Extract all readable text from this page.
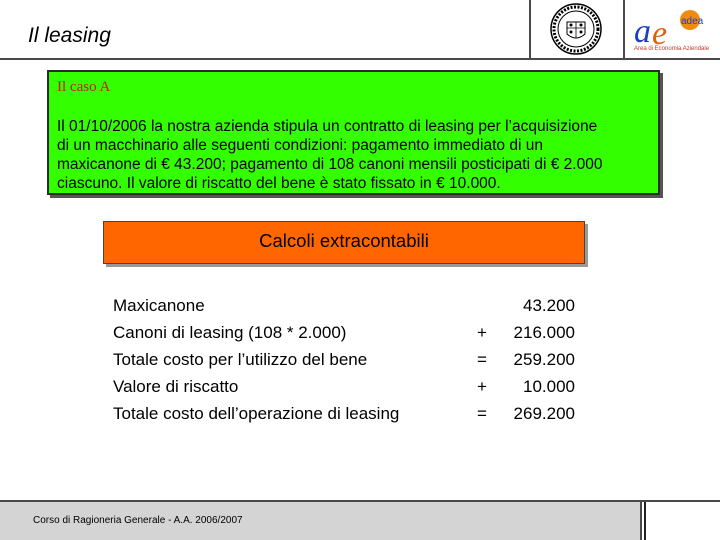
Il leasing	a e adea
Area di Economia Aziendale
Il caso A
Il 01/10/2006 la nostra azienda stipula un contratto di leasing per l’acquisizione
di un macchinario alle seguenti condizioni: pagamento immediato di un
maxicanone di € 43.200; pagamento di 108 canoni mensili posticipati di € 2.000
ciascuno. Il valore di riscatto del bene è stato fissato in € 10.000.
Calcoli extracontabili
Maxicanone	43.200
Canoni di leasing (108 * 2.000)	+ 216.000
Totale costo per l’utilizzo del bene	= 259.200
Valore di riscatto	+ 10.000
Totale costo dell’operazione di leasing	= 269.200
Corso di Ragioneria Generale - A.A. 2006/2007
